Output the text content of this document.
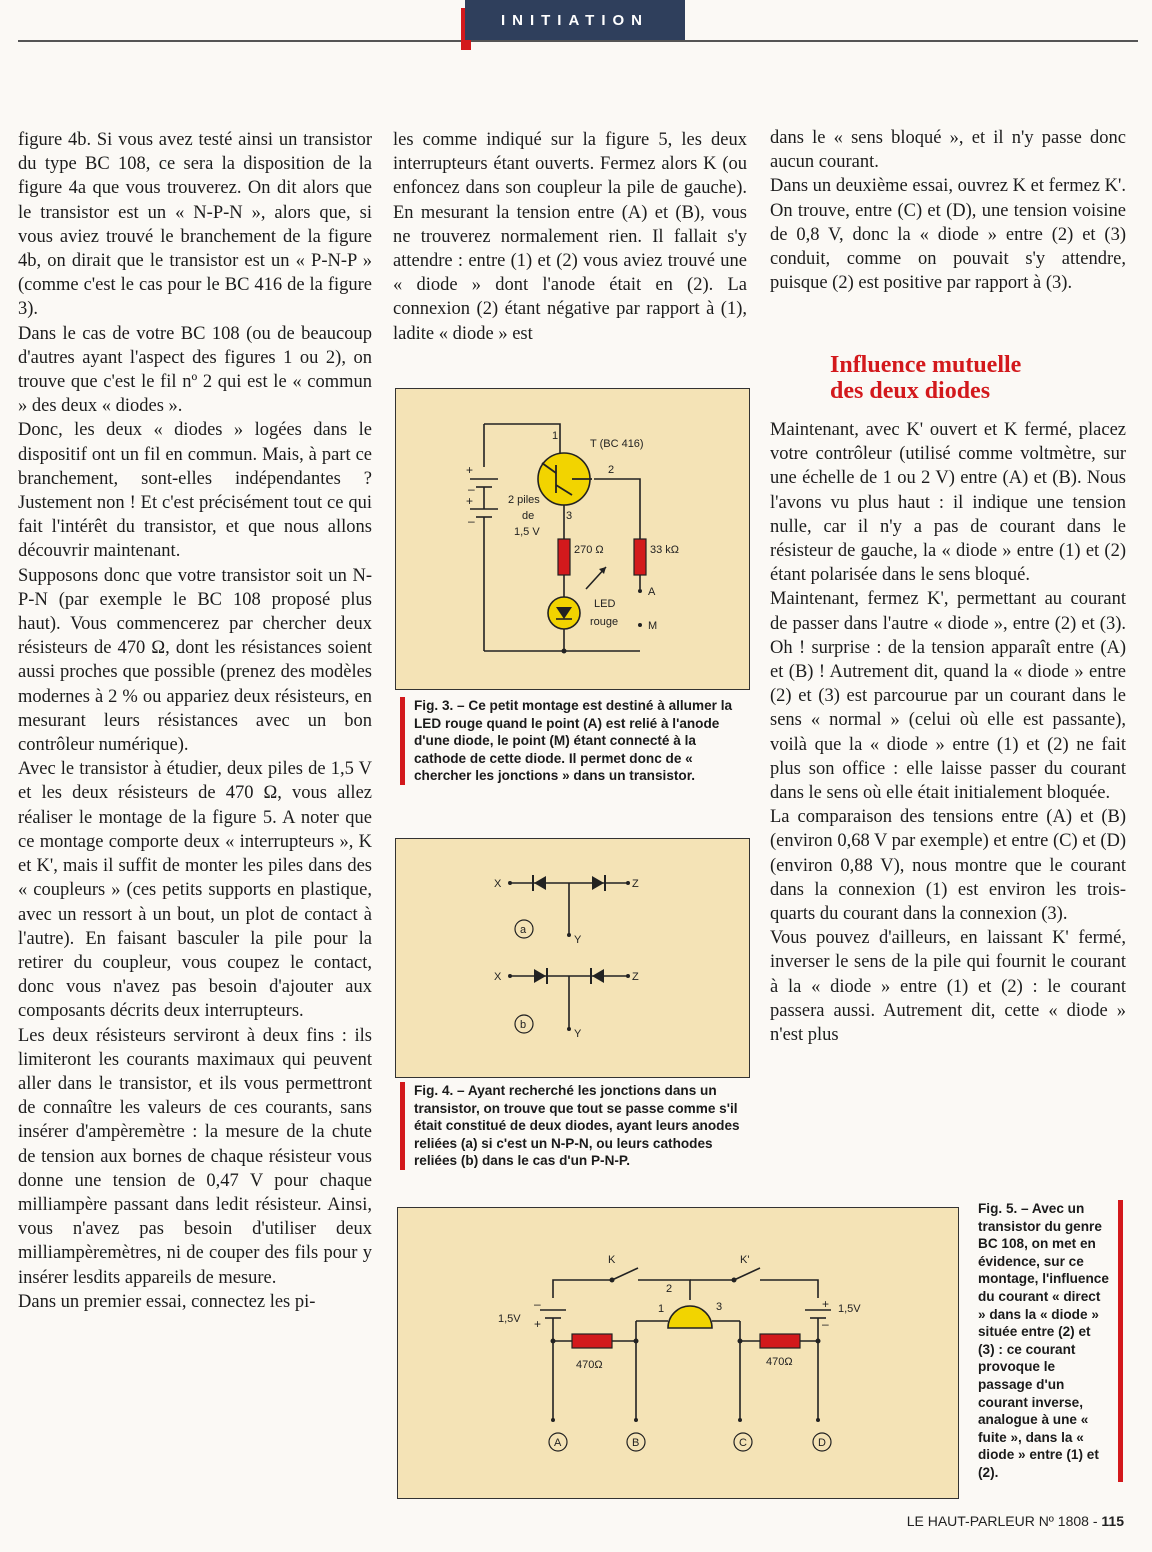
INITIATION

figure 4b. Si vous avez testé ainsi un transistor du type BC 108, ce sera la disposition de la figure 4a que vous trouverez. On dit alors que le transistor est un « N-P-N », alors que, si vous aviez trouvé le branchement de la figure 4b, on dirait que le transistor est un « P-N-P » (comme c'est le cas pour le BC 416 de la figure 3).

Dans le cas de votre BC 108 (ou de beaucoup d'autres ayant l'aspect des figures 1 ou 2), on trouve que c'est le fil nº 2 qui est le « commun » des deux « diodes ».

Donc, les deux « diodes » logées dans le dispositif ont un fil en commun. Mais, à part ce branchement, sont-elles indépendantes ? Justement non ! Et c'est précisément tout ce qui fait l'intérêt du transistor, et que nous allons découvrir maintenant.

Supposons donc que votre transistor soit un N-P-N (par exemple le BC 108 proposé plus haut). Vous commencerez par chercher deux résisteurs de 470 Ω, dont les résistances soient aussi proches que possible (prenez des modèles modernes à 2 % ou appariez deux résisteurs, en mesurant leurs résistances avec un bon contrôleur numérique).

Avec le transistor à étudier, deux piles de 1,5 V et les deux résisteurs de 470 Ω, vous allez réaliser le montage de la figure 5. A noter que ce montage comporte deux « interrupteurs », K et K', mais il suffit de monter les piles dans des « coupleurs » (ces petits supports en plastique, avec un ressort à un bout, un plot de contact à l'autre). En faisant basculer la pile pour la retirer du coupleur, vous coupez le contact, donc vous n'avez pas besoin d'ajouter aux composants décrits deux interrupteurs.

Les deux résisteurs serviront à deux fins : ils limiteront les courants maximaux qui peuvent aller dans le transistor, et ils vous permettront de connaître les valeurs de ces courants, sans insérer d'ampèremètre : la mesure de la chute de tension aux bornes de chaque résisteur vous donne une tension de 0,47 V pour chaque milliampère passant dans ledit résisteur. Ainsi, vous n'avez pas besoin d'utiliser deux milliampèremètres, ni de couper des fils pour y insérer lesdits appareils de mesure.

Dans un premier essai, connectez les pi-

les comme indiqué sur la figure 5, les deux interrupteurs étant ouverts. Fermez alors K (ou enfoncez dans son coupleur la pile de gauche). En mesurant la tension entre (A) et (B), vous ne trouverez normalement rien. Il fallait s'y attendre : entre (1) et (2) vous aviez trouvé une « diode » dont l'anode était en (2). La connexion (2) étant négative par rapport à (1), ladite « diode » est

dans le « sens bloqué », et il n'y passe donc aucun courant.

Dans un deuxième essai, ouvrez K et fermez K'. On trouve, entre (C) et (D), une tension voisine de 0,8 V, donc la « diode » entre (2) et (3) conduit, comme on pouvait s'y attendre, puisque (2) est positive par rapport à (3).

Influence mutuelle
des deux diodes

Maintenant, avec K' ouvert et K fermé, placez votre contrôleur (utilisé comme voltmètre, sur une échelle de 1 ou 2 V) entre (A) et (B). Nous l'avons vu plus haut : il indique une tension nulle, car il n'y a pas de courant dans le résisteur de gauche, la « diode » entre (1) et (2) étant polarisée dans le sens bloqué.

Maintenant, fermez K', permettant au courant de passer dans l'autre « diode », entre (2) et (3). Oh ! surprise : de la tension apparaît entre (A) et (B) ! Autrement dit, quand la « diode » entre (2) et (3) est parcourue par un courant dans le sens « normal » (celui où elle est passante), voilà que la « diode » entre (1) et (2) ne fait plus son office : elle laisse passer du courant dans le sens où elle était initialement bloquée.

La comparaison des tensions entre (A) et (B) (environ 0,68 V par exemple) et entre (C) et (D) (environ 0,88 V), nous montre que le courant dans la connexion (1) est environ les trois-quarts du courant dans la connexion (3).

Vous pouvez d'ailleurs, en laissant K' fermé, inverser le sens de la pile qui fournit le courant à la « diode » entre (1) et (2) : le courant passera aussi. Autrement dit, cette « diode » n'est plus

+
+
–
–
T (BC 416)
1
2
3
2 piles
de
1,5 V
270 Ω	33 kΩ
LED
rouge
A
M
Fig. 3. – Ce petit montage est destiné à allumer la LED rouge quand le point (A) est relié à l'anode d'une diode, le point (M) étant connecté à la cathode de cette diode. Il permet donc de « chercher les jonctions » dans un transistor.
a
b
X	Z
Y
X	Z
Y
Fig. 4. – Ayant recherché les jonctions dans un transistor, on trouve que tout se passe comme s'il était constitué de deux diodes, ayant leurs anodes reliées (a) si c'est un N-P-N, ou leurs cathodes reliées (b) dans le cas d'un P-N-P.
–
+
+
–
K	K'
1,5V
1,5V
470Ω	470Ω
1
2
3
A	B	C	D
Fig. 5. – Avec un transistor du genre BC 108, on met en évidence, sur ce montage, l'influence du courant « direct » dans la « diode » située entre (2) et (3) : ce courant provoque le passage d'un courant inverse, analogue à une « fuite », dans la « diode » entre (1) et (2).
LE HAUT-PARLEUR Nº 1808 - 115
